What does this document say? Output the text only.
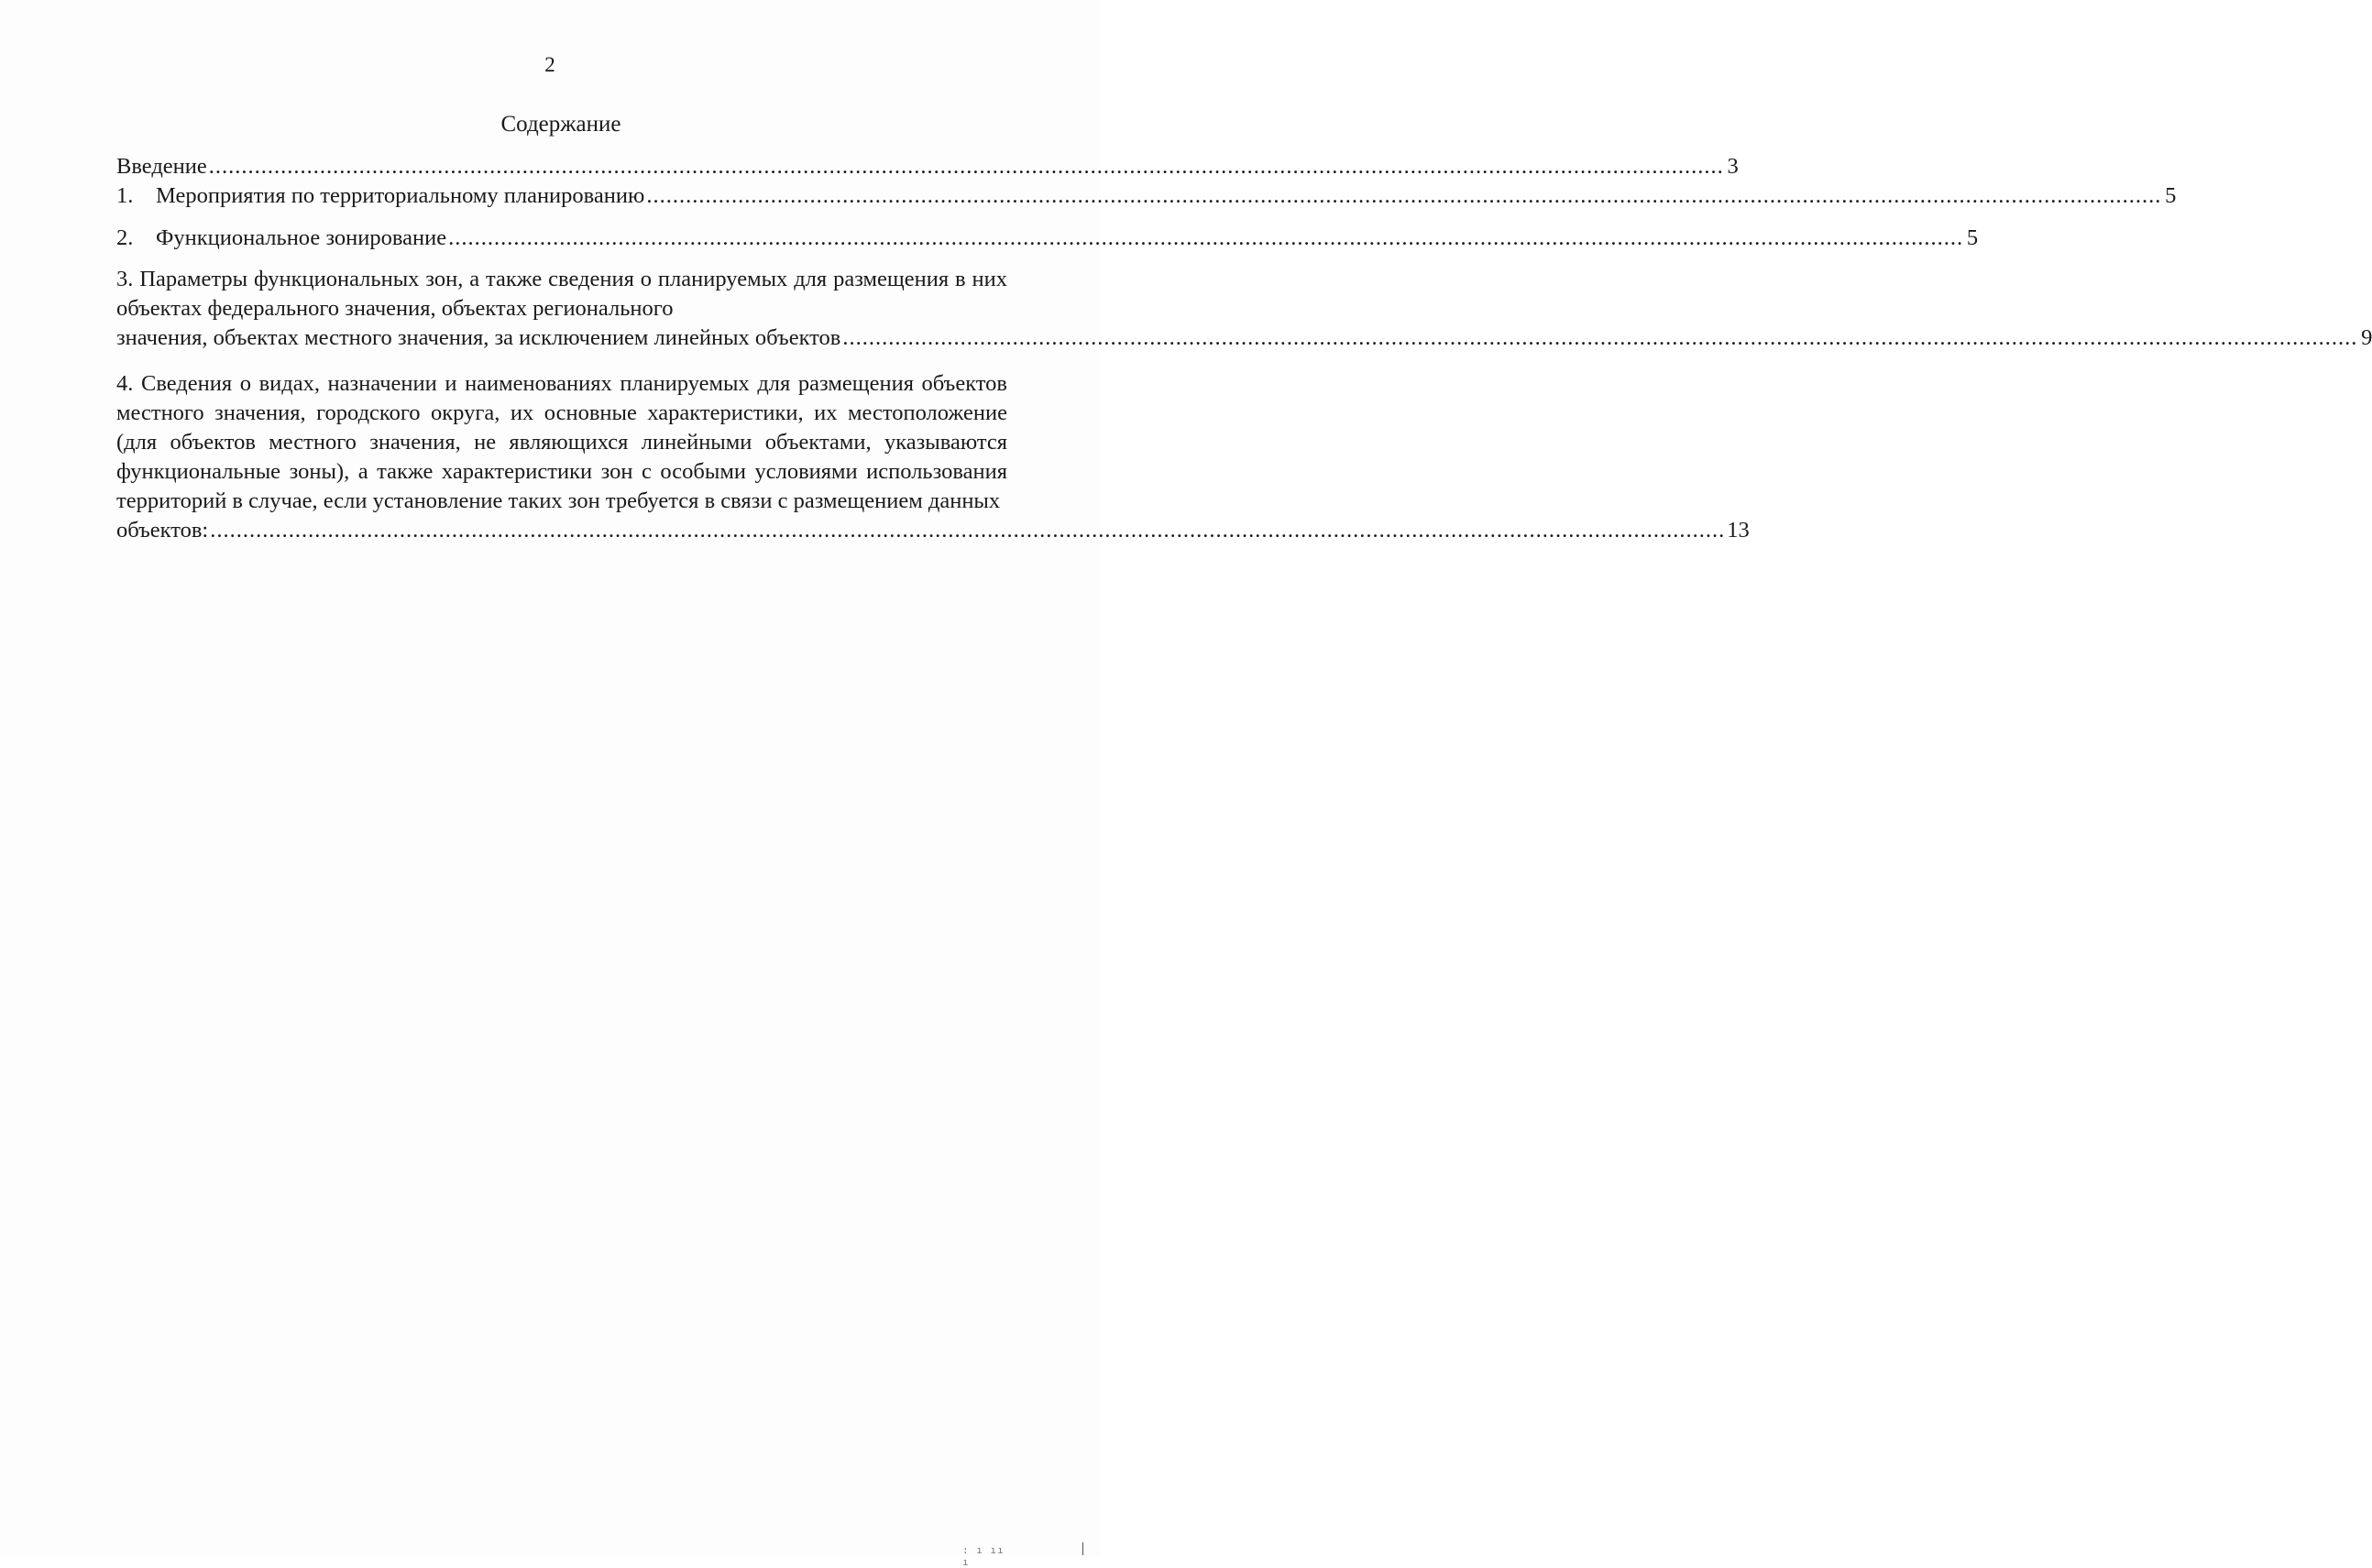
2
Содержание
Введение ........................................................................................................................................................................................................................................ 3
1.	Мероприятия по территориальному планированию ........................................................................................................................................................................................................................................ 5
2.	Функциональное зонирование ........................................................................................................................................................................................................................................ 5
3. Параметры функциональных зон, а также сведения о планируемых для размещения в них объектах федерального значения, объектах регионального
значения, объектах местного значения, за исключением линейных объектов ........................................................................................................................................................................................................................................ 9
4. Сведения о видах, назначении и наименованиях планируемых для размещения объектов местного значения, городского округа, их основные характеристики, их местоположение (для объектов местного значения, не являющихся линейными объектами, указываются функциональные зоны), а также характеристики зон с особыми условиями использования территорий в случае, если установление таких зон требуется в связи с размещением данных
объектов: ........................................................................................................................................................................................................................................ 13
: ı ıı ı
